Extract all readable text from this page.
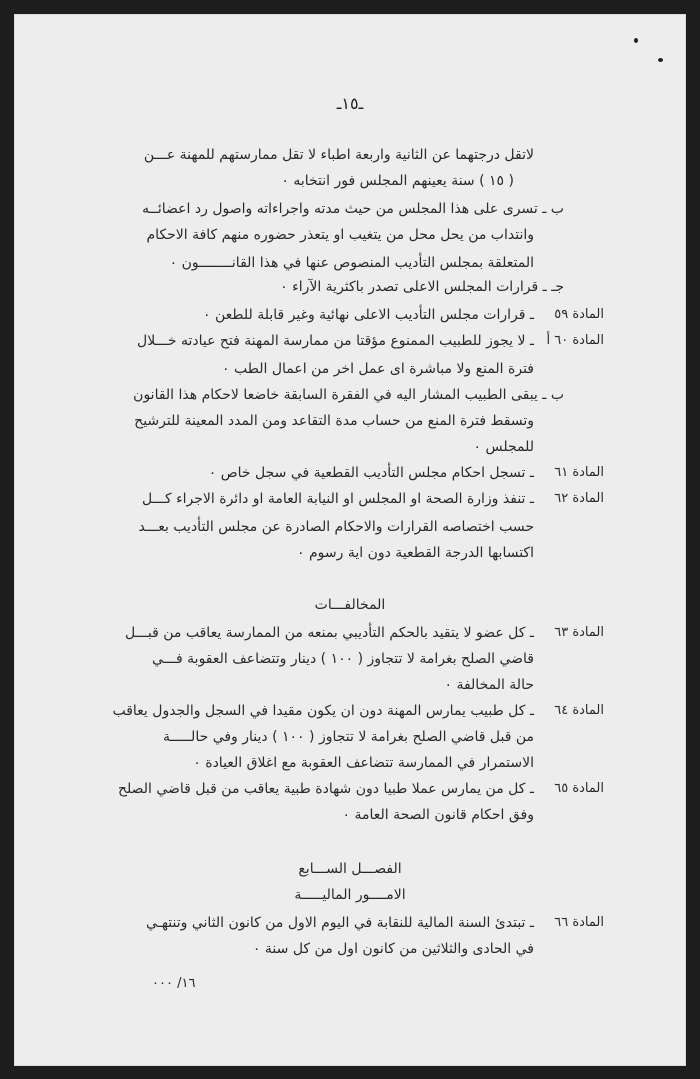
ـ١٥ـ
لاتقل درجتهما عن الثانية واربعة اطباء لا تقل ممارستهم للمهنة عـــن
( ١٥ ) سنة يعينهم المجلس فور انتخابه ٠
ب ـ تسرى على هذا المجلس من حيث مدته واجراءاته واصول رد اعضائــه
وانتداب من يحل محل من يتغيب او يتعذر حضوره منهم كافة الاحكام
المتعلقة بمجلس التأديب المنصوص عنها في هذا القانــــــــون ٠
جـ ـ قرارات المجلس الاعلى تصدر باكثرية الآراء ٠
المادة ٥٩
ـ قرارات مجلس التأديب الاعلى نهائية وغير قابلة للطعن ٠
المادة ٦٠ أ
ـ لا يجوز للطبيب الممنوع مؤقتا من ممارسة المهنة فتح عيادته خـــلال
فترة المنع ولا مباشرة اى عمل اخر من اعمال الطب ٠
ب ـ يبقى الطبيب المشار اليه في الفقرة السابقة خاضعا لاحكام هذا القانون
وتسقط فترة المنع من حساب مدة التقاعد ومن المدد المعينة للترشيح
للمجلس ٠
المادة ٦١
ـ تسجل احكام مجلس التأديب القطعية في سجل خاص ٠
المادة ٦٢
ـ تنفذ وزارة الصحة او المجلس او النيابة العامة او دائرة الاجراء كـــل
حسب اختصاصه القرارات والاحكام الصادرة عن مجلس التأديب بعـــد
اكتسابها الدرجة القطعية دون اية رسوم ٠
المخالفـــات
المادة ٦٣
ـ كل عضو لا يتقيد بالحكم التأديبي بمنعه من الممارسة يعاقب من قبـــل
قاضي الصلح بغرامة لا تتجاوز ( ١٠٠ ) دينار وتتضاعف العقوبة فـــي
حالة المخالفة ٠
المادة ٦٤
ـ كل طبيب يمارس المهنة دون ان يكون مقيدا في السجل والجدول يعاقب
من قبل قاضي الصلح بغرامة لا تتجاوز ( ١٠٠ ) دينار وفي حالـــــة
الاستمرار في الممارسة تتضاعف العقوبة مع اغلاق العيادة ٠
المادة ٦٥
ـ كل من يمارس عملا طبيا دون شهادة طبية يعاقب من قبل قاضي الصلح
وفق احكام قانون الصحة العامة ٠
الفصـــل الســـابع
الامــــور الماليـــــة
المادة ٦٦
ـ تبتدئ السنة المالية للنقابة في اليوم الاول من كانون الثاني وتنتهـي
في الحادى والثلاثين من كانون اول من كل سنة ٠
١٦/ ٠٠٠
